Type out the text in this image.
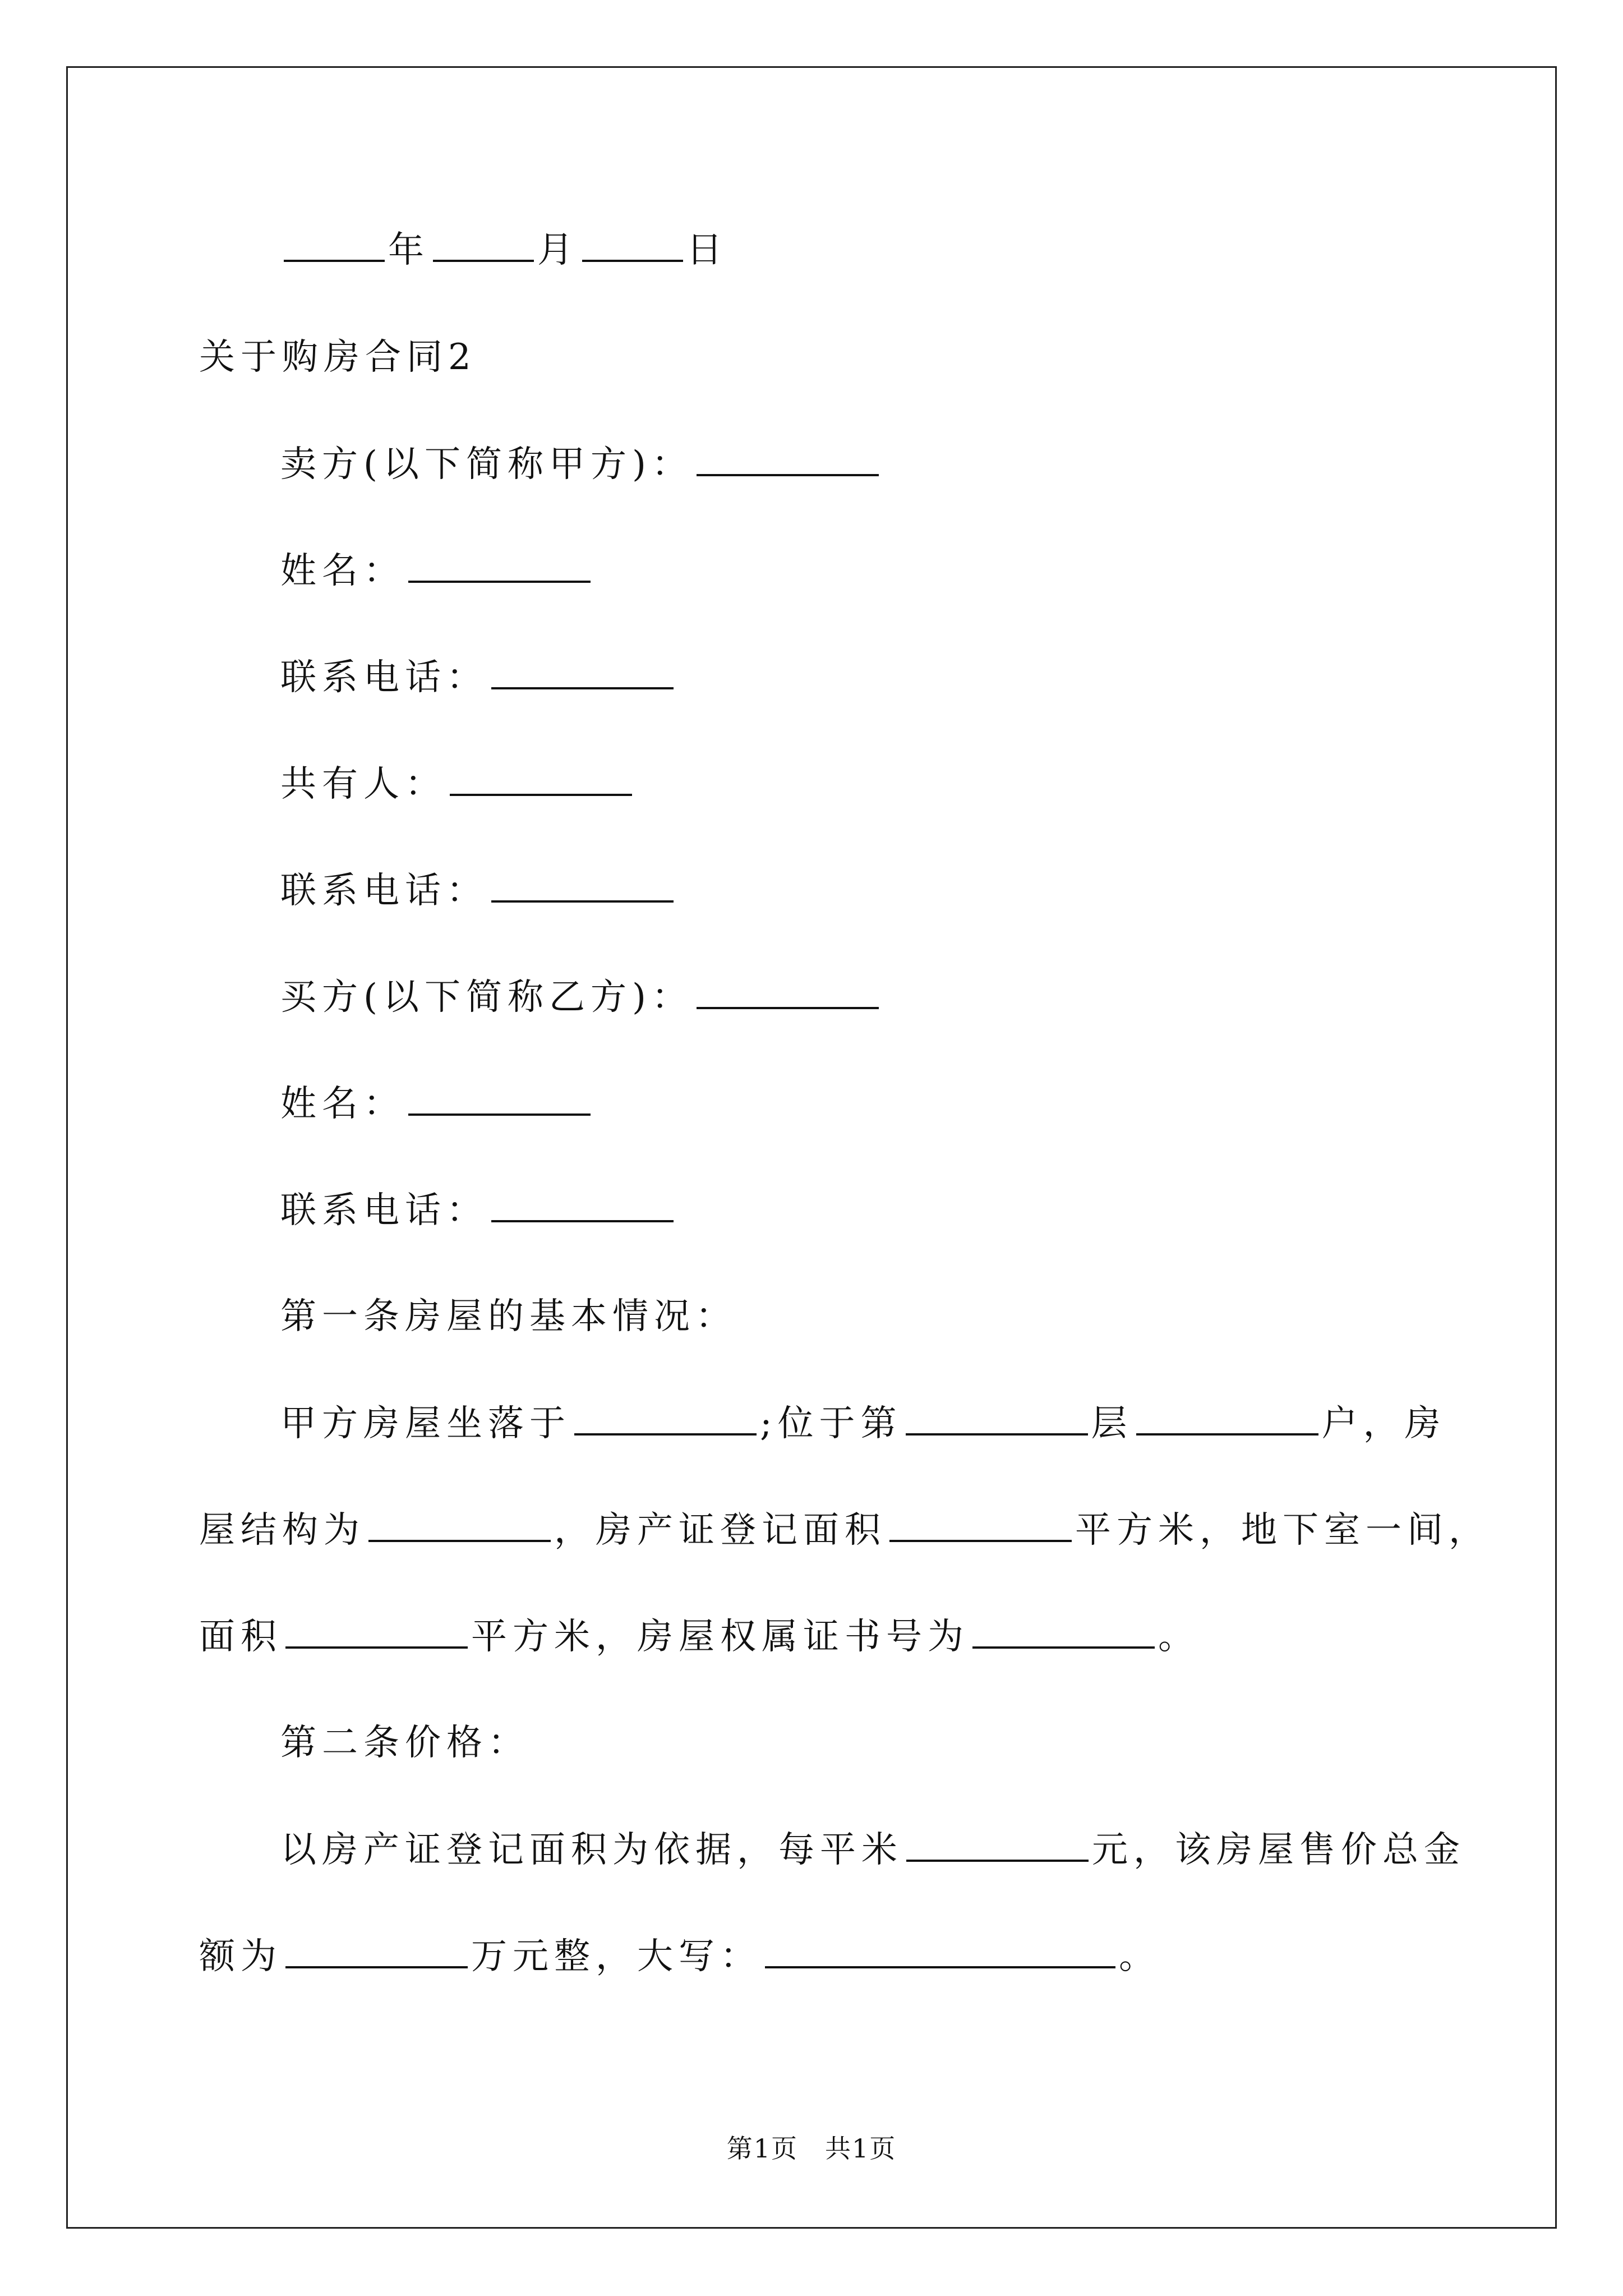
年	月	日
关于购房合同2
卖方(以下简称甲方)：
姓名：
联系电话：
共有人：
联系电话：
买方(以下简称乙方)：
姓名：
联系电话：
第一条房屋的基本情况：
甲方房屋坐落于	;位于第	层	户，房
屋结构为	，房产证登记面积	平方米，地下室一间，
面积	平方米，房屋权属证书号为	。
第二条价格：
以房产证登记面积为依据，每平米	元，该房屋售价总金
额为	万元整，大写：	。
第1页　共1页
